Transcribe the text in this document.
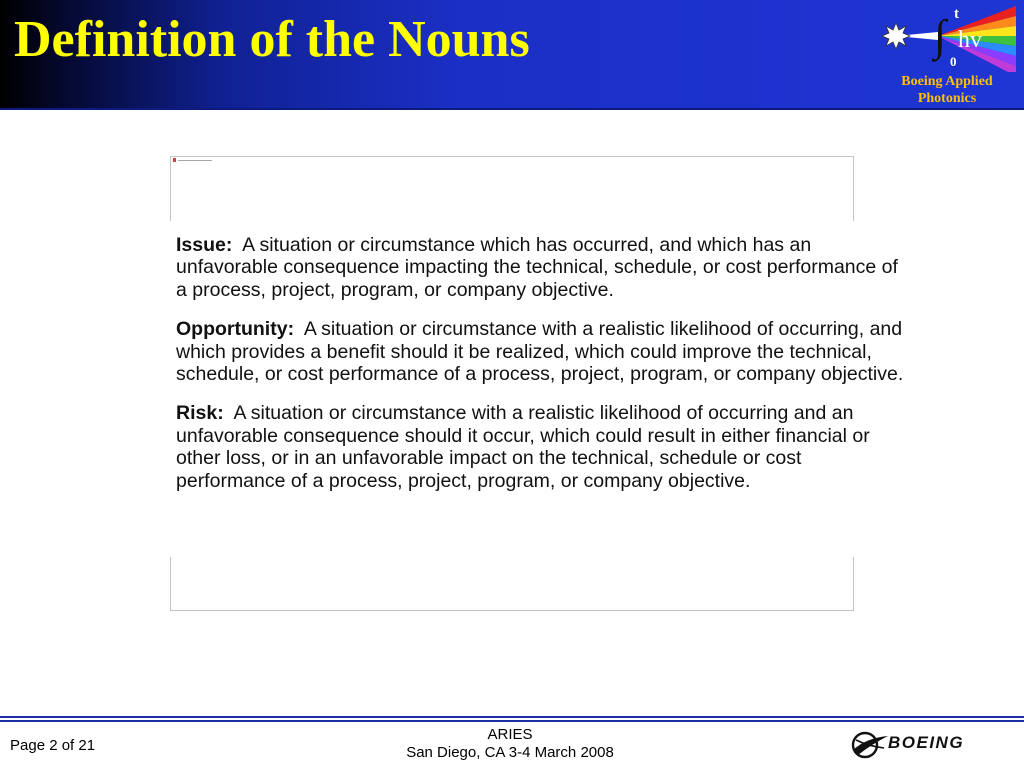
Definition of the Nouns	∫ t
0
hv
Boeing Applied
Photonics

Issue: A situation or circumstance which has occurred, and which has an unfavorable consequence impacting the technical, schedule, or cost performance of a process, project, program, or company objective.

Opportunity: A situation or circumstance with a realistic likelihood of occurring, and which provides a benefit should it be realized, which could improve the technical, schedule, or cost performance of a process, project, program, or company objective.

Risk: A situation or circumstance with a realistic likelihood of occurring and an unfavorable consequence should it occur, which could result in either financial or other loss, or in an unfavorable impact on the technical, schedule or cost performance of a process, project, program, or company objective.

Page 2 of 21
ARIES
San Diego, CA 3-4 March 2008
BOEING
